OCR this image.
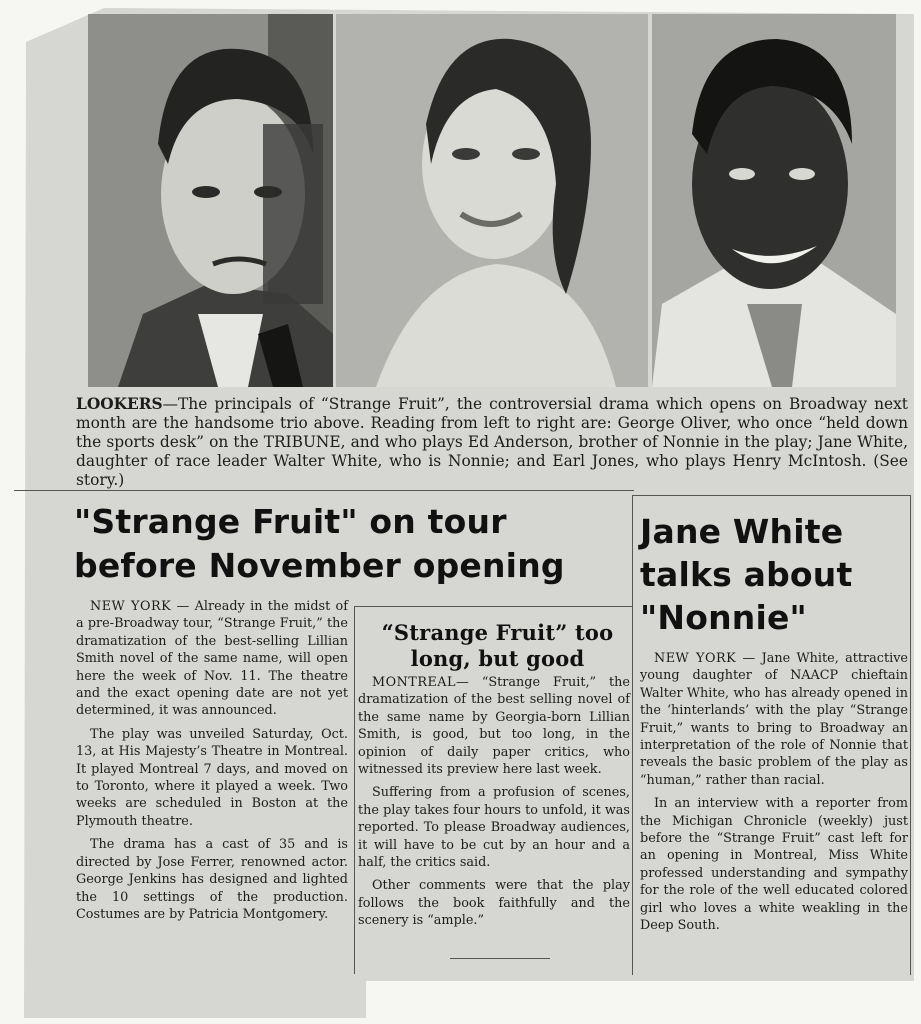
LOOKERS—The principals of “Strange Fruit”, the controversial drama which opens on Broadway next month are the handsome trio above. Reading from left to right are: George Oliver, who once “held down the sports desk” on the TRIBUNE, and who plays Ed Anderson, brother of Nonnie in the play; Jane White, daughter of race leader Walter White, who is Nonnie; and Earl Jones, who plays Henry McIntosh. (See story.)
"Strange Fruit" on tour
before November opening
Jane White
talks about
"Nonnie"
“Strange Fruit” too
long, but good

NEW YORK — Already in the midst of a pre-Broadway tour, “Strange Fruit,” the dramatization of the best-selling Lillian Smith novel of the same name, will open here the week of Nov. 11. The theatre and the exact opening date are not yet determined, it was announced.

The play was unveiled Saturday, Oct. 13, at His Majesty’s Theatre in Montreal. It played Montreal 7 days, and moved on to Toronto, where it played a week. Two weeks are scheduled in Boston at the Plymouth theatre.

The drama has a cast of 35 and is directed by Jose Ferrer, renowned actor. George Jenkins has designed and lighted the 10 settings of the production. Costumes are by Patricia Montgomery.

MONTREAL— “Strange Fruit,” the dramatization of the best selling novel of the same name by Georgia-born Lillian Smith, is good, but too long, in the opinion of daily paper critics, who witnessed its preview here last week.

Suffering from a profusion of scenes, the play takes four hours to unfold, it was reported. To please Broadway audiences, it will have to be cut by an hour and a half, the critics said.

Other comments were that the play follows the book faithfully and the scenery is “ample.”

NEW YORK — Jane White, attractive young daughter of NAACP chieftain Walter White, who has already opened in the ‘hinterlands’ with the play “Strange Fruit,” wants to bring to Broadway an interpretation of the role of Nonnie that reveals the basic problem of the play as “human,” rather than racial.

In an interview with a reporter from the Michigan Chronicle (weekly) just before the “Strange Fruit” cast left for an opening in Montreal, Miss White professed understanding and sympathy for the role of the well educated colored girl who loves a white weakling in the Deep South.
